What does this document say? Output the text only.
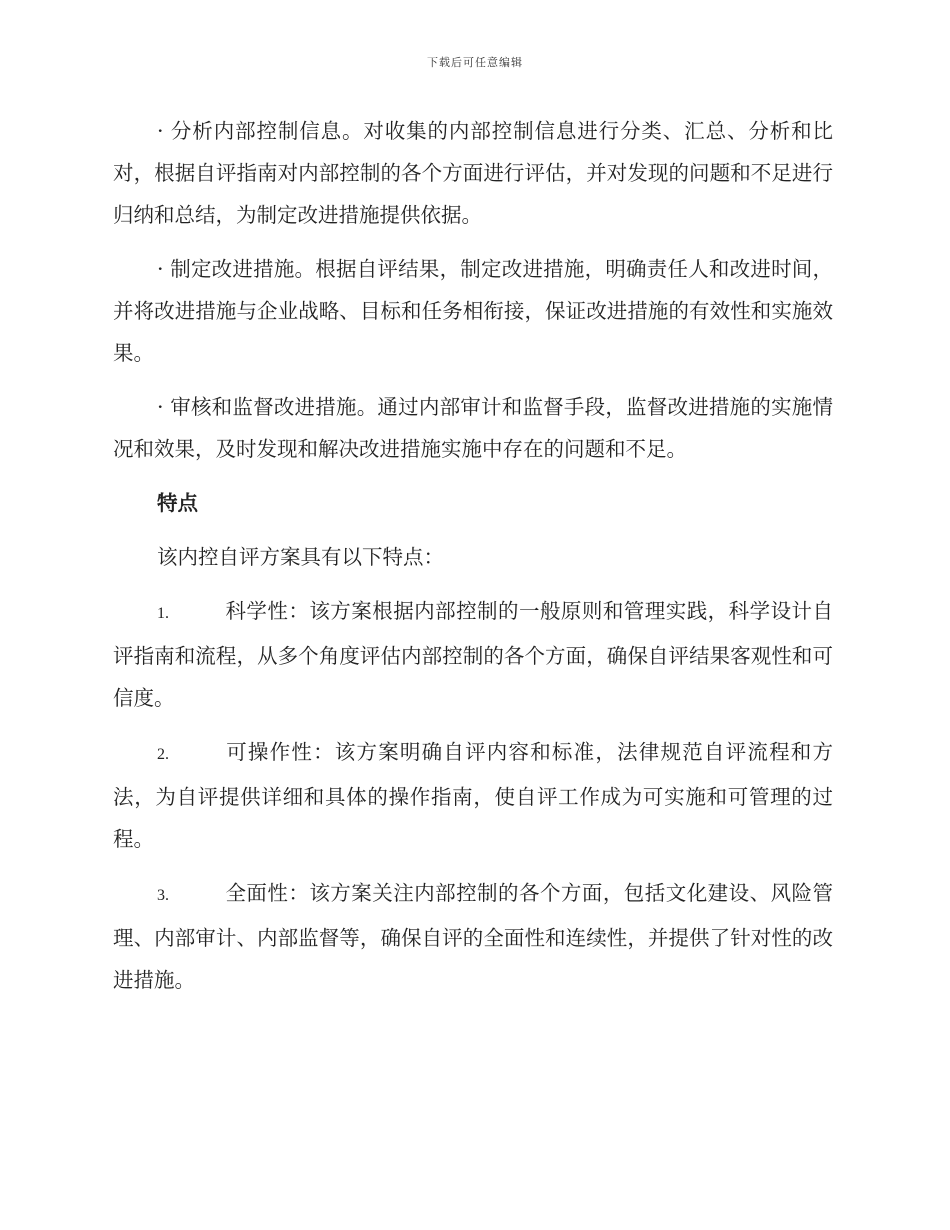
下载后可任意编辑

· 分析内部控制信息。对收集的内部控制信息进行分类、汇总、分析和比对，根据自评指南对内部控制的各个方面进行评估，并对发现的问题和不足进行归纳和总结，为制定改进措施提供依据。

· 制定改进措施。根据自评结果，制定改进措施，明确责任人和改进时间，并将改进措施与企业战略、目标和任务相衔接，保证改进措施的有效性和实施效果。

· 审核和监督改进措施。通过内部审计和监督手段，监督改进措施的实施情况和效果，及时发现和解决改进措施实施中存在的问题和不足。

特点

该内控自评方案具有以下特点：

1.	科学性：该方案根据内部控制的一般原则和管理实践，科学设计自评指南和流程，从多个角度评估内部控制的各个方面，确保自评结果客观性和可信度。

2.	可操作性：该方案明确自评内容和标准，法律规范自评流程和方法，为自评提供详细和具体的操作指南，使自评工作成为可实施和可管理的过程。

3.	全面性：该方案关注内部控制的各个方面，包括文化建设、风险管理、内部审计、内部监督等，确保自评的全面性和连续性，并提供了针对性的改进措施。
